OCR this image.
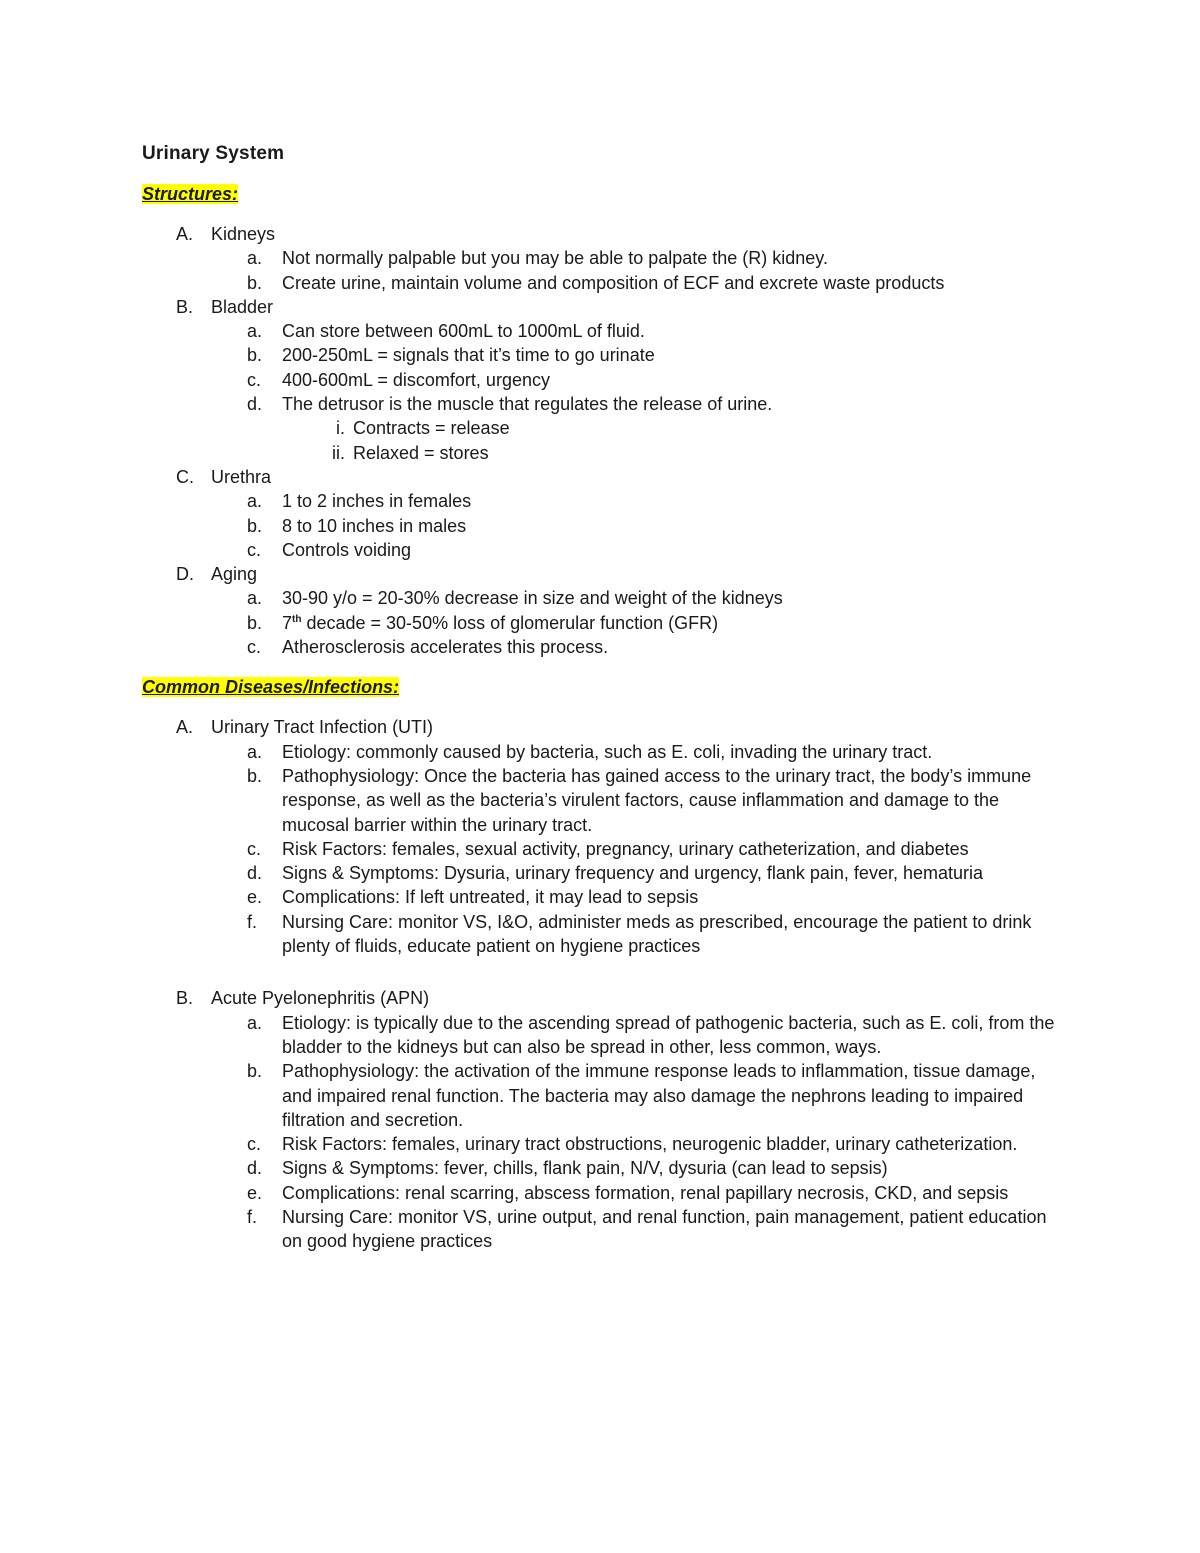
Urinary System

Structures:

A. Kidneys
a.	Not normally palpable but you may be able to palpate the (R) kidney.
b.	Create urine, maintain volume and composition of ECF and excrete waste products
B. Bladder
a.	Can store between 600mL to 1000mL of fluid.
b.	200-250mL = signals that it’s time to go urinate
c.	400-600mL = discomfort, urgency
d.	The detrusor is the muscle that regulates the release of urine.
i. Contracts = release
ii. Relaxed = stores
C. Urethra
a.	1 to 2 inches in females
b.	8 to 10 inches in males
c.	Controls voiding
D. Aging
a.	30-90 y/o = 20-30% decrease in size and weight of the kidneys
b.	7th decade = 30-50% loss of glomerular function (GFR)
c.	Atherosclerosis accelerates this process.

Common Diseases/Infections:

A. Urinary Tract Infection (UTI)
a.	Etiology: commonly caused by bacteria, such as E. coli, invading the urinary tract.
b.	Pathophysiology: Once the bacteria has gained access to the urinary tract, the body’s immune response, as well as the bacteria’s virulent factors, cause inflammation and damage to the mucosal barrier within the urinary tract.
c.	Risk Factors: females, sexual activity, pregnancy, urinary catheterization, and diabetes
d.	Signs & Symptoms: Dysuria, urinary frequency and urgency, flank pain, fever, hematuria
e.	Complications: If left untreated, it may lead to sepsis
f.	Nursing Care: monitor VS, I&O, administer meds as prescribed, encourage the patient to drink plenty of fluids, educate patient on hygiene practices
B. Acute Pyelonephritis (APN)
a.	Etiology: is typically due to the ascending spread of pathogenic bacteria, such as E. coli, from the bladder to the kidneys but can also be spread in other, less common, ways.
b.	Pathophysiology: the activation of the immune response leads to inflammation, tissue damage, and impaired renal function. The bacteria may also damage the nephrons leading to impaired filtration and secretion.
c.	Risk Factors: females, urinary tract obstructions, neurogenic bladder, urinary catheterization.
d.	Signs & Symptoms: fever, chills, flank pain, N/V, dysuria (can lead to sepsis)
e.	Complications: renal scarring, abscess formation, renal papillary necrosis, CKD, and sepsis
f.	Nursing Care: monitor VS, urine output, and renal function, pain management, patient education on good hygiene practices
